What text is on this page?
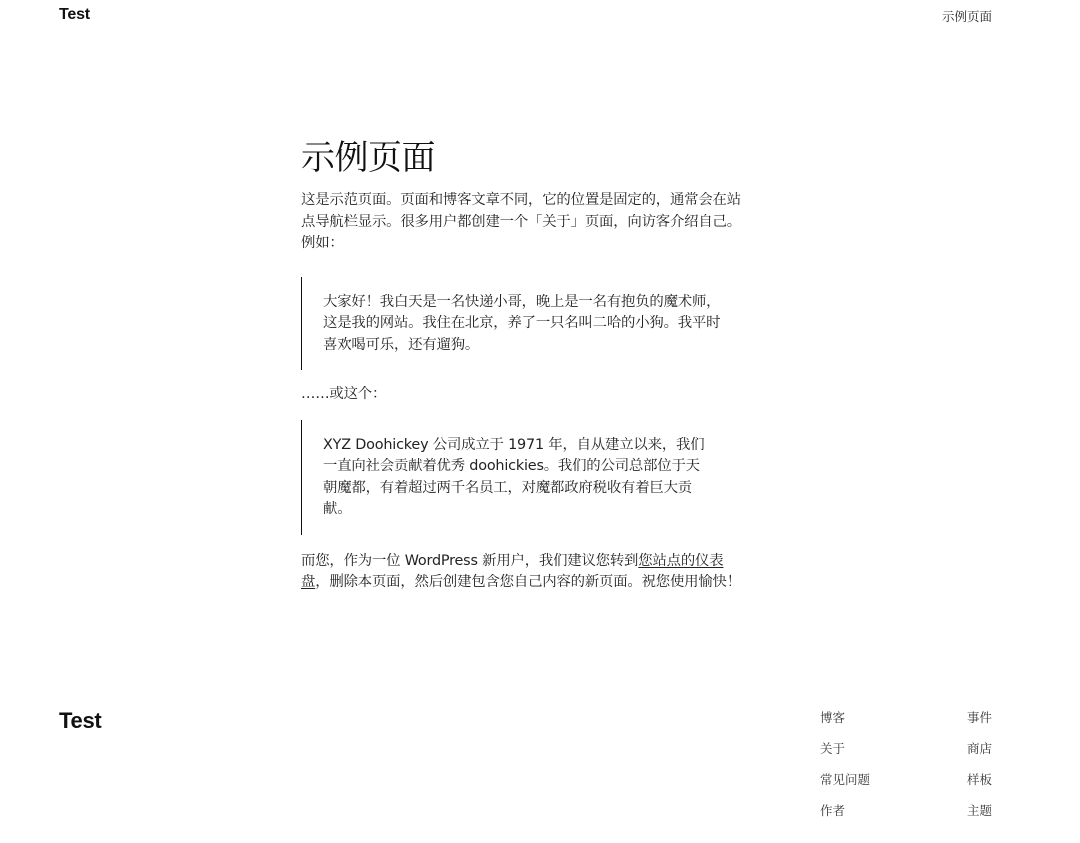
Test	示例页面
示例页面

这是示范页面。页面和博客文章不同，它的位置是固定的，通常会在站点导航栏显示。很多用户都创建一个「关于」页面，向访客介绍自己。例如：

大家好！我白天是一名快递小哥，晚上是一名有抱负的魔术师，这是我的网站。我住在北京，养了一只名叫二哈的小狗。我平时喜欢喝可乐，还有遛狗。

……或这个：

XYZ Doohickey 公司成立于 1971 年，自从建立以来，我们一直向社会贡献着优秀 doohickies。我们的公司总部位于天朝魔都，有着超过两千名员工，对魔都政府税收有着巨大贡献。

而您，作为一位 WordPress 新用户，我们建议您转到您站点的仪表盘，删除本页面，然后创建包含您自己内容的新页面。祝您使用愉快！

Test	博客
关于
常见问题
作者
事件
商店
样板
主题
